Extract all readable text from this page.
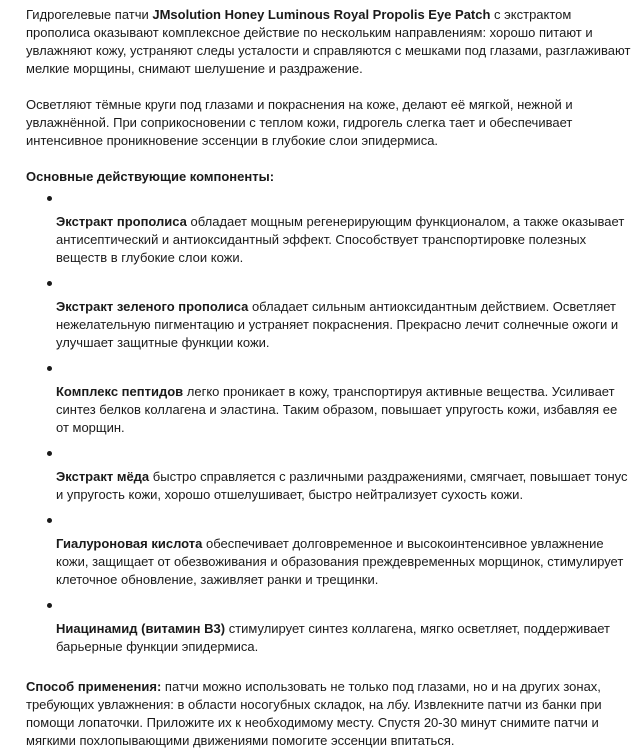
Гидрогелевые патчи JMsolution Honey Luminous Royal Propolis Eye Patch с экстрактом прополиса оказывают комплексное действие по нескольким направлениям: хорошо питают и увлажняют кожу, устраняют следы усталости и справляются с мешками под глазами, разглаживают мелкие морщины, снимают шелушение и раздражение.

Осветляют тёмные круги под глазами и покраснения на коже, делают её мягкой, нежной и увлажнённой. При соприкосновении с теплом кожи, гидрогель слегка тает и обеспечивает интенсивное проникновение эссенции в глубокие слои эпидермиса.

Основные действующие компоненты:

Экстракт прополиса обладает мощным регенерирующим функционалом, а также оказывает антисептический и антиоксидантный эффект. Способствует транспортировке полезных веществ в глубокие слои кожи.
Экстракт зеленого прополиса обладает сильным антиоксидантным действием. Осветляет нежелательную пигментацию и устраняет покраснения. Прекрасно лечит солнечные ожоги и улучшает защитные функции кожи.
Комплекс пептидов легко проникает в кожу, транспортируя активные вещества. Усиливает синтез белков коллагена и эластина. Таким образом, повышает упругость кожи, избавляя ее от морщин.
Экстракт мёда быстро справляется с различными раздражениями, смягчает, повышает тонус и упругость кожи, хорошо отшелушивает, быстро нейтрализует сухость кожи.
Гиалуроновая кислота обеспечивает долговременное и высокоинтенсивное увлажнение кожи, защищает от обезвоживания и образования преждевременных морщинок, стимулирует клеточное обновление, заживляет ранки и трещинки.
Ниацинамид (витамин B3) стимулирует синтез коллагена, мягко осветляет, поддерживает барьерные функции эпидермиса.

Способ применения: патчи можно использовать не только под глазами, но и на других зонах, требующих увлажнения: в области носогубных складок, на лбу. Извлекните патчи из банки при помощи лопаточки. Приложите их к необходимому месту. Спустя 20-30 минут снимите патчи и мягкими похлопывающими движениями помогите эссенции впитаться.
